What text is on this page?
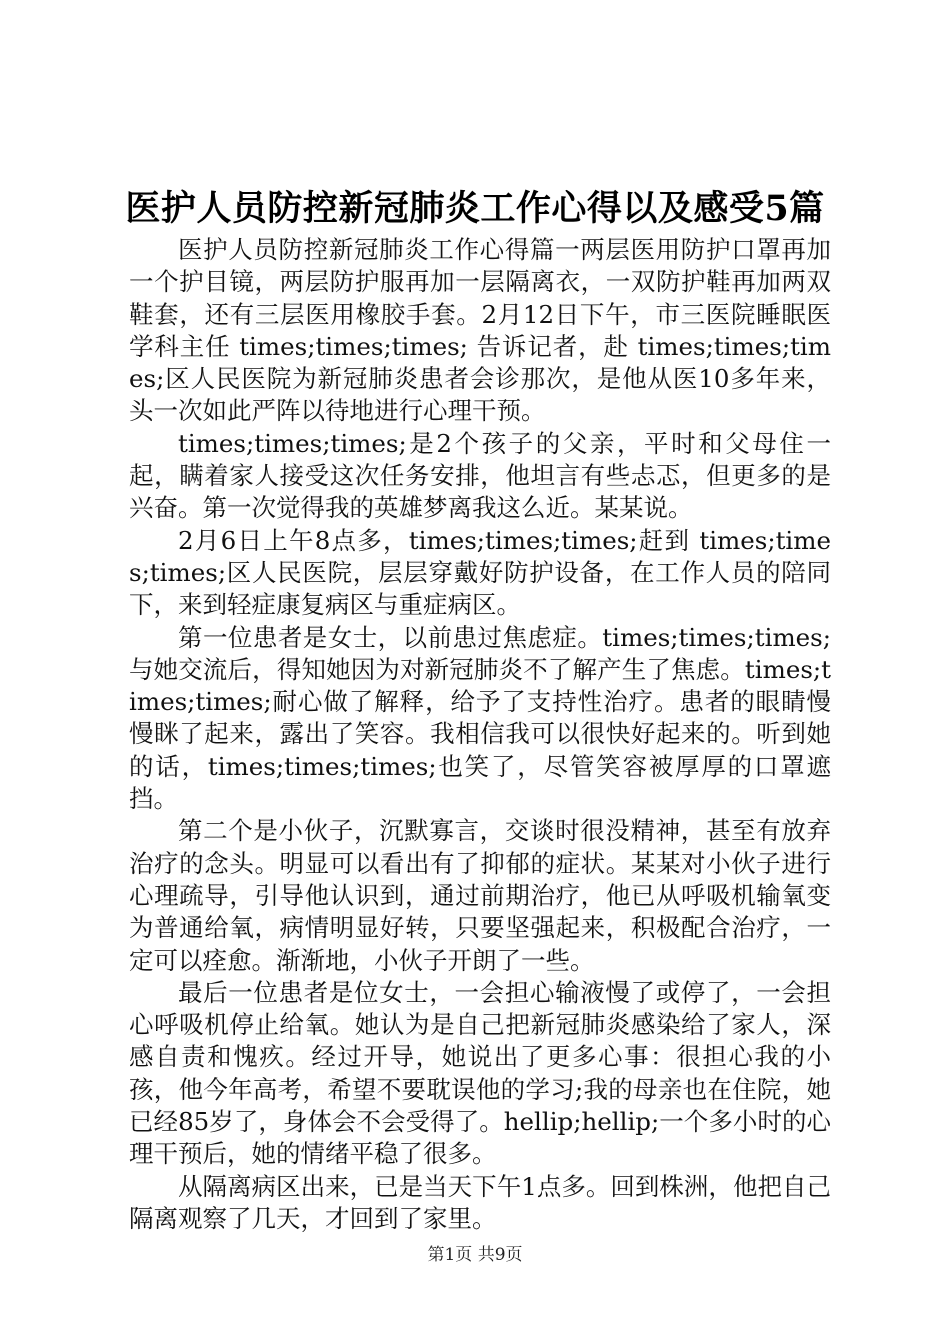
医护人员防控新冠肺炎工作心得以及感受5篇

医护人员防控新冠肺炎工作心得篇一两层医用防护口罩再加一个护目镜，两层防护服再加一层隔离衣，一双防护鞋再加两双鞋套，还有三层医用橡胶手套。2月12日下午，市三医院睡眠医学科主任 times;times;times; 告诉记者，赴 times;times;times;区人民医院为新冠肺炎患者会诊那次，是他从医10多年来，头一次如此严阵以待地进行心理干预。

times;times;times;是2个孩子的父亲，平时和父母住一起，瞒着家人接受这次任务安排，他坦言有些忐忑，但更多的是兴奋。第一次觉得我的英雄梦离我这么近。某某说。

2月6日上午8点多，times;times;times;赶到 times;times;times;区人民医院，层层穿戴好防护设备，在工作人员的陪同下，来到轻症康复病区与重症病区。

第一位患者是女士，以前患过焦虑症。times;times;times;与她交流后，得知她因为对新冠肺炎不了解产生了焦虑。times;times;times;耐心做了解释，给予了支持性治疗。患者的眼睛慢慢眯了起来，露出了笑容。我相信我可以很快好起来的。听到她的话，times;times;times;也笑了，尽管笑容被厚厚的口罩遮挡。

第二个是小伙子，沉默寡言，交谈时很没精神，甚至有放弃治疗的念头。明显可以看出有了抑郁的症状。某某对小伙子进行心理疏导，引导他认识到，通过前期治疗，他已从呼吸机输氧变为普通给氧，病情明显好转，只要坚强起来，积极配合治疗，一定可以痊愈。渐渐地，小伙子开朗了一些。

最后一位患者是位女士，一会担心输液慢了或停了，一会担心呼吸机停止给氧。她认为是自己把新冠肺炎感染给了家人，深感自责和愧疚。经过开导，她说出了更多心事：很担心我的小孩，他今年高考，希望不要耽误他的学习;我的母亲也在住院，她已经85岁了，身体会不会受得了。hellip;hellip;一个多小时的心理干预后，她的情绪平稳了很多。

从隔离病区出来，已是当天下午1点多。回到株洲，他把自己隔离观察了几天，才回到了家里。

第1页 共9页
